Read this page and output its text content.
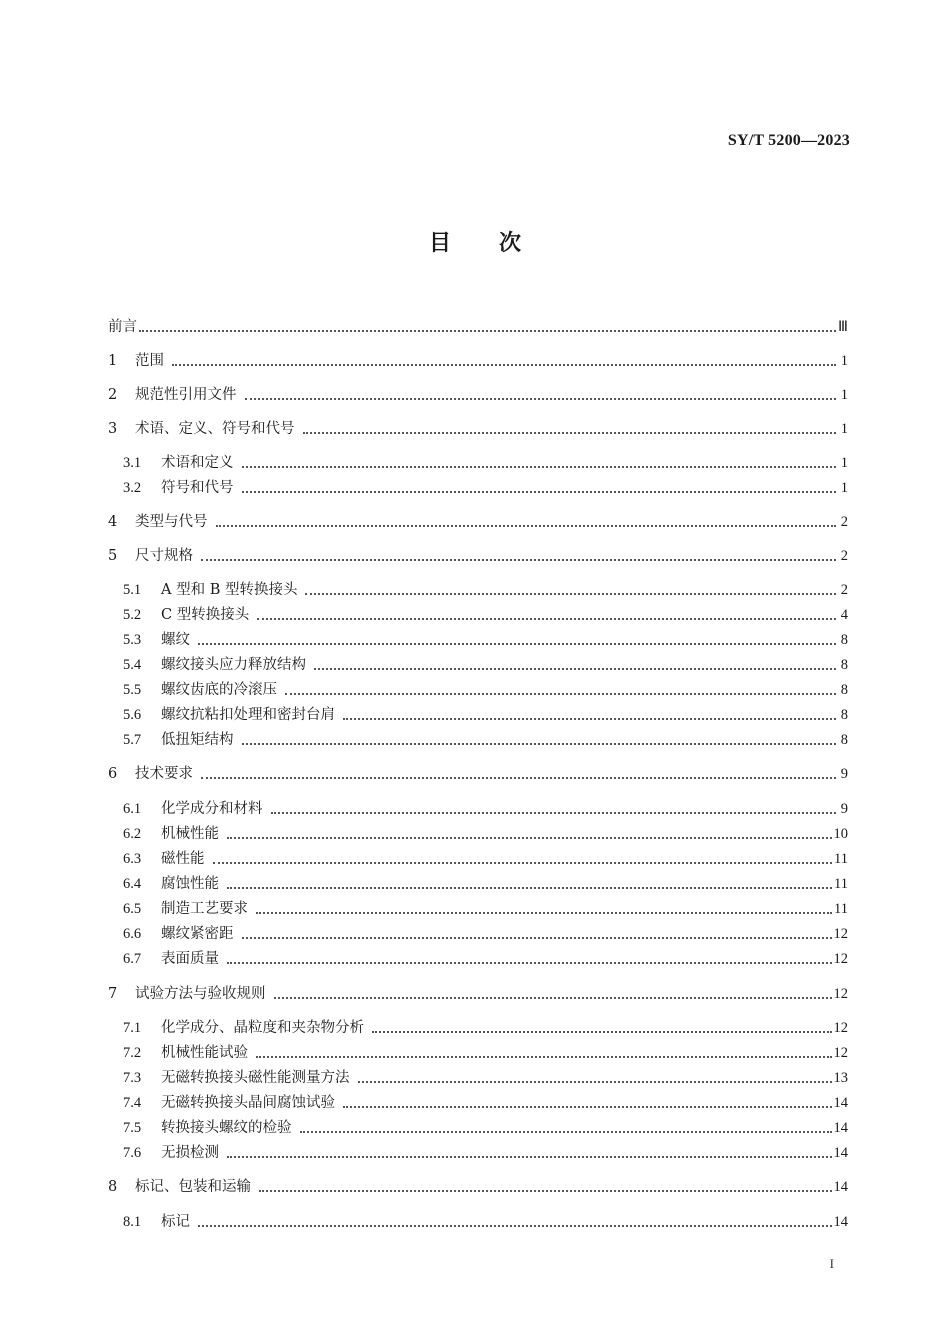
SY/T 5200—2023
目 次
前言	Ⅲ
1	范围	1
2	规范性引用文件	1
3	术语、定义、符号和代号	1
3.1	术语和定义	1
3.2	符号和代号	1
4	类型与代号	2
5	尺寸规格	2
5.1	A 型和 B 型转换接头	2
5.2	C 型转换接头	4
5.3	螺纹	8
5.4	螺纹接头应力释放结构	8
5.5	螺纹齿底的冷滚压	8
5.6	螺纹抗粘扣处理和密封台肩	8
5.7	低扭矩结构	8
6	技术要求	9
6.1	化学成分和材料	9
6.2	机械性能	10
6.3	磁性能	11
6.4	腐蚀性能	11
6.5	制造工艺要求	11
6.6	螺纹紧密距	12
6.7	表面质量	12
7	试验方法与验收规则	12
7.1	化学成分、晶粒度和夹杂物分析	12
7.2	机械性能试验	12
7.3	无磁转换接头磁性能测量方法	13
7.4	无磁转换接头晶间腐蚀试验	14
7.5	转换接头螺纹的检验	14
7.6	无损检测	14
8	标记、包装和运输	14
8.1	标记	14
I
